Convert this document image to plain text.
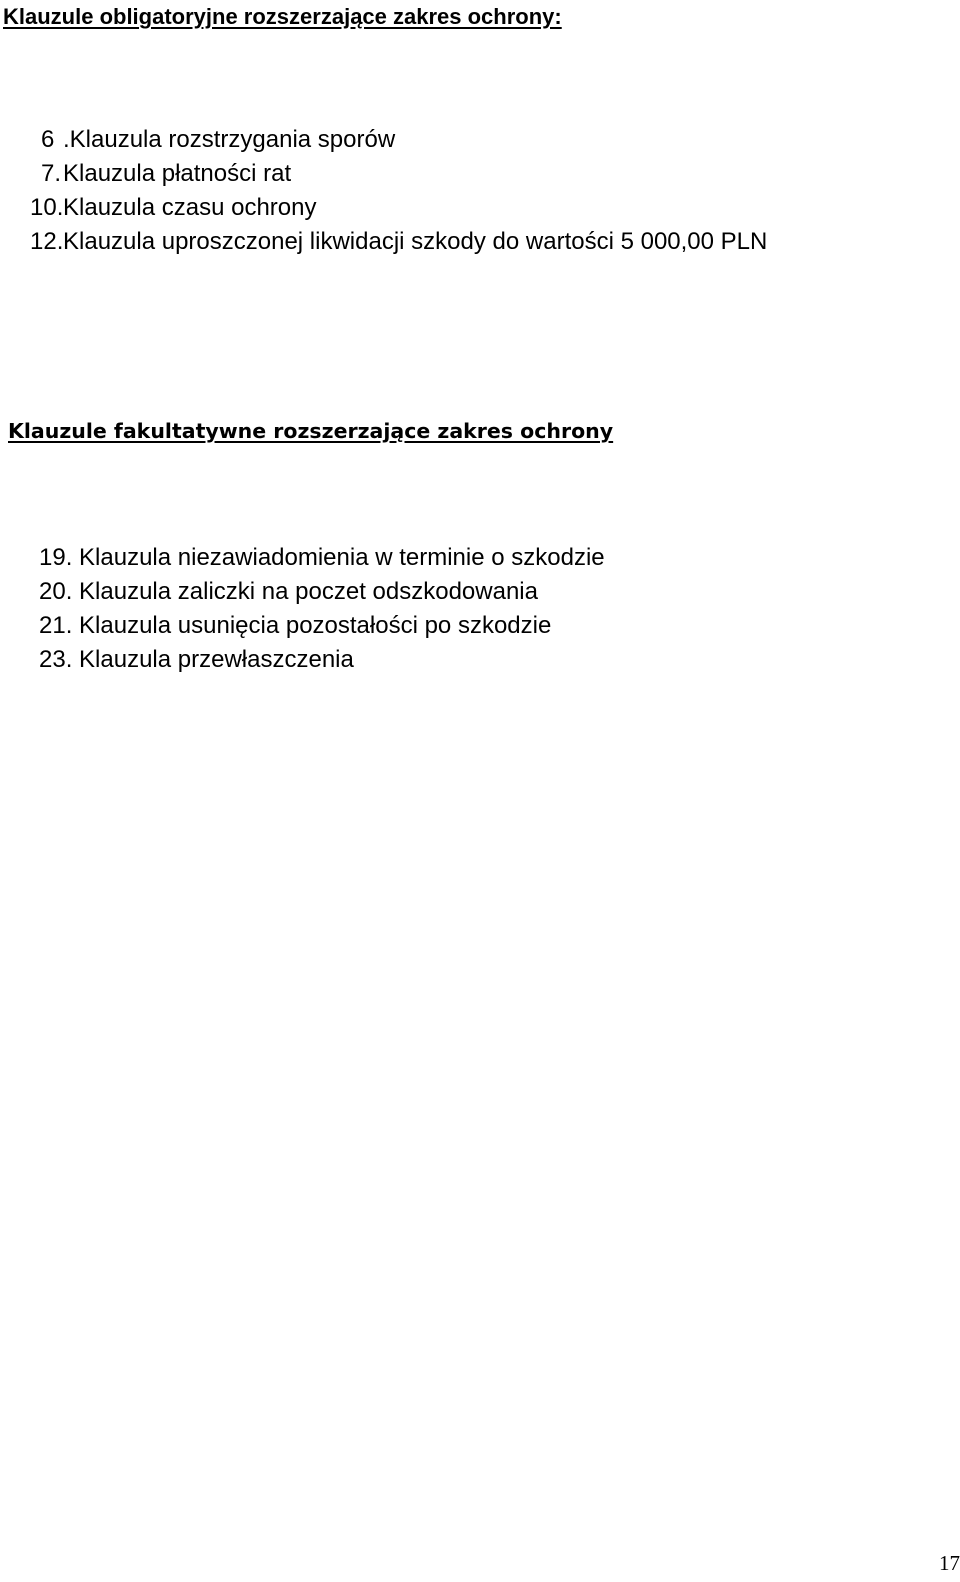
Klauzule obligatoryjne rozszerzające zakres ochrony:
6 .Klauzula rozstrzygania sporów
7.Klauzula płatności rat
10.Klauzula czasu ochrony
12.Klauzula uproszczonej likwidacji szkody do wartości 5 000,00 PLN
Klauzule fakultatywne rozszerzające zakres ochrony
19. Klauzula niezawiadomienia w terminie o szkodzie
20. Klauzula zaliczki na poczet odszkodowania
21. Klauzula usunięcia pozostałości po szkodzie
23. Klauzula przewłaszczenia
17
